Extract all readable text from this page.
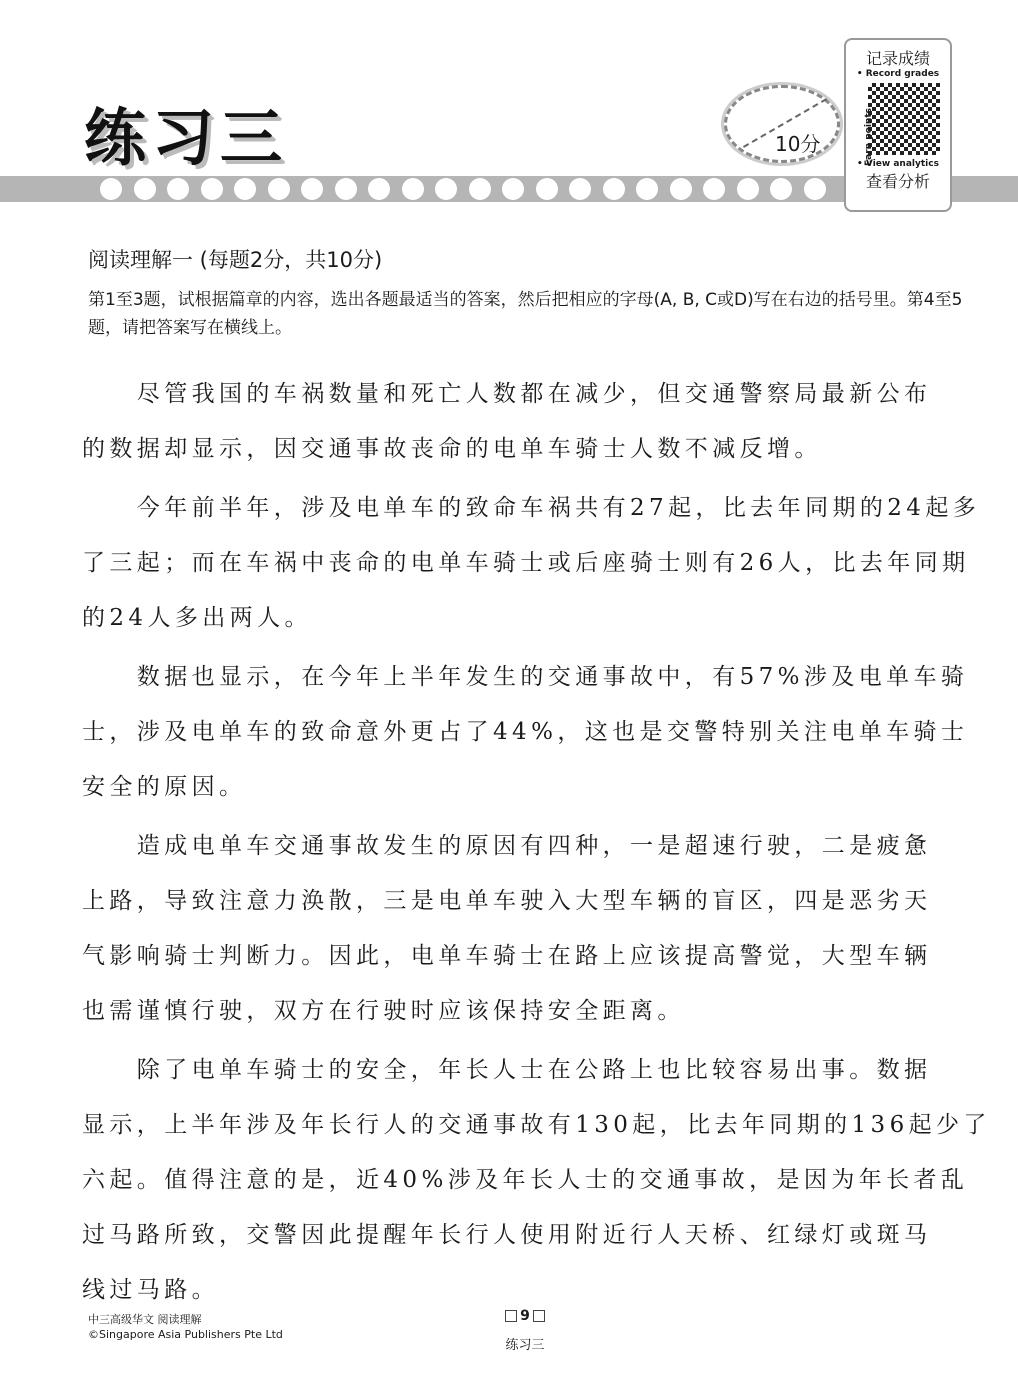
练习三	10分
记录成绩
• Record grades
Earn points
• View analytics
查看分析
阅读理解一 (每题2分，共10分)
第1至3题，试根据篇章的内容，选出各题最适当的答案，然后把相应的字母(A, B, C或D)写在右边的括号里。第4至5题，请把答案写在横线上。
　　尽管我国的车祸数量和死亡人数都在减少，但交通警察局最新公布
的数据却显示，因交通事故丧命的电单车骑士人数不减反增。
　　今年前半年，涉及电单车的致命车祸共有27起，比去年同期的24起多
了三起；而在车祸中丧命的电单车骑士或后座骑士则有26人，比去年同期
的24人多出两人。
　　数据也显示，在今年上半年发生的交通事故中，有57%涉及电单车骑
士，涉及电单车的致命意外更占了44%，这也是交警特别关注电单车骑士
安全的原因。
　　造成电单车交通事故发生的原因有四种，一是超速行驶，二是疲惫
上路，导致注意力涣散，三是电单车驶入大型车辆的盲区，四是恶劣天
气影响骑士判断力。因此，电单车骑士在路上应该提高警觉，大型车辆
也需谨慎行驶，双方在行驶时应该保持安全距离。
　　除了电单车骑士的安全，年长人士在公路上也比较容易出事。数据
显示，上半年涉及年长行人的交通事故有130起，比去年同期的136起少了
六起。值得注意的是，近40%涉及年长人士的交通事故，是因为年长者乱
过马路所致，交警因此提醒年长行人使用附近行人天桥、红绿灯或斑马
线过马路。
中三高级华文 阅读理解
©Singapore Asia Publishers Pte Ltd
9
练习三
